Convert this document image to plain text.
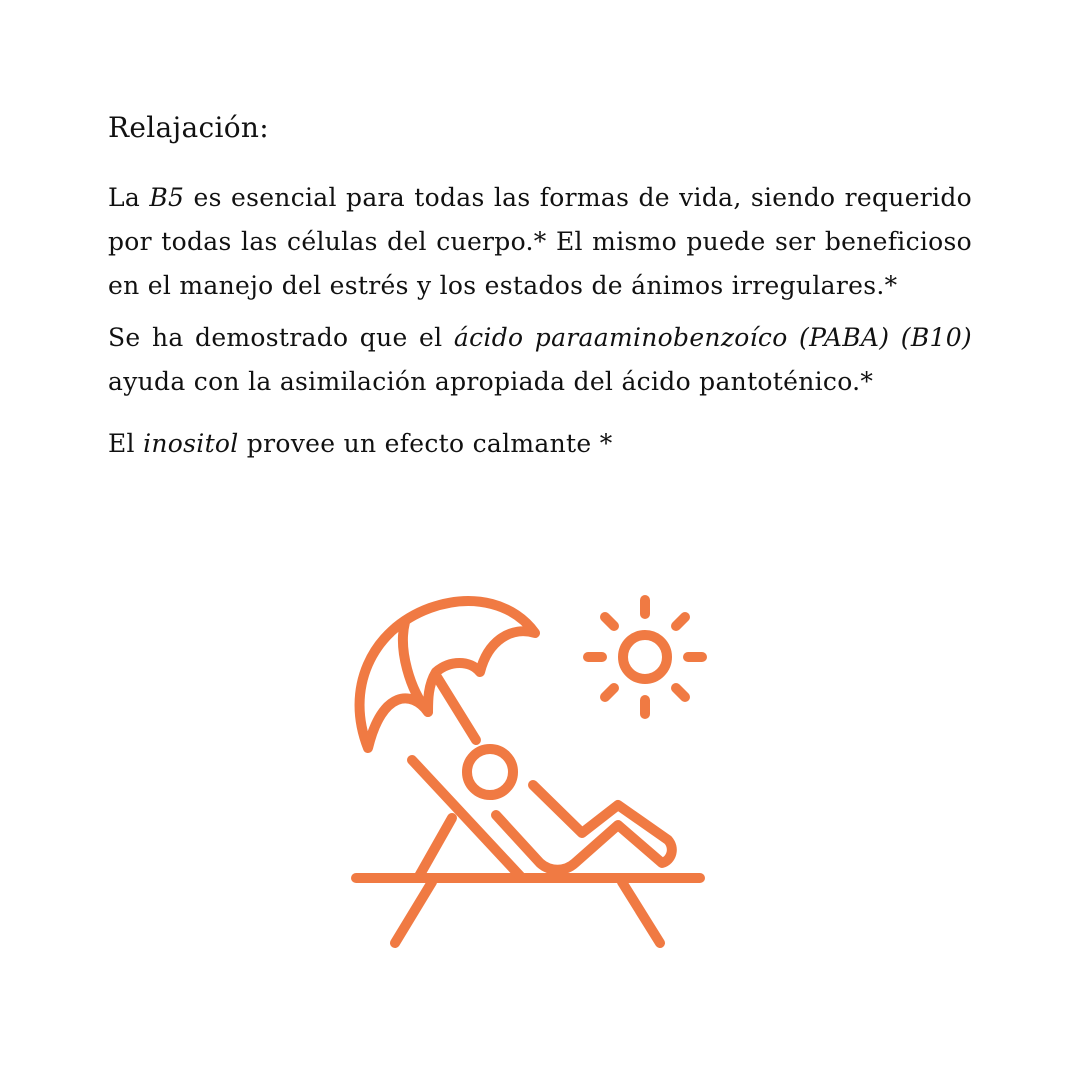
Relajación:

La B5 es esencial para todas las formas de vida, siendo requerido por todas las células del cuerpo.* El mismo puede ser beneficioso en el manejo del estrés y los estados de ánimos irregulares.*

Se ha demostrado que el ácido paraaminobenzoíco (PABA) (B10) ayuda con la asimilación apropiada del ácido pantoténico.*

El inositol provee un efecto calmante *
